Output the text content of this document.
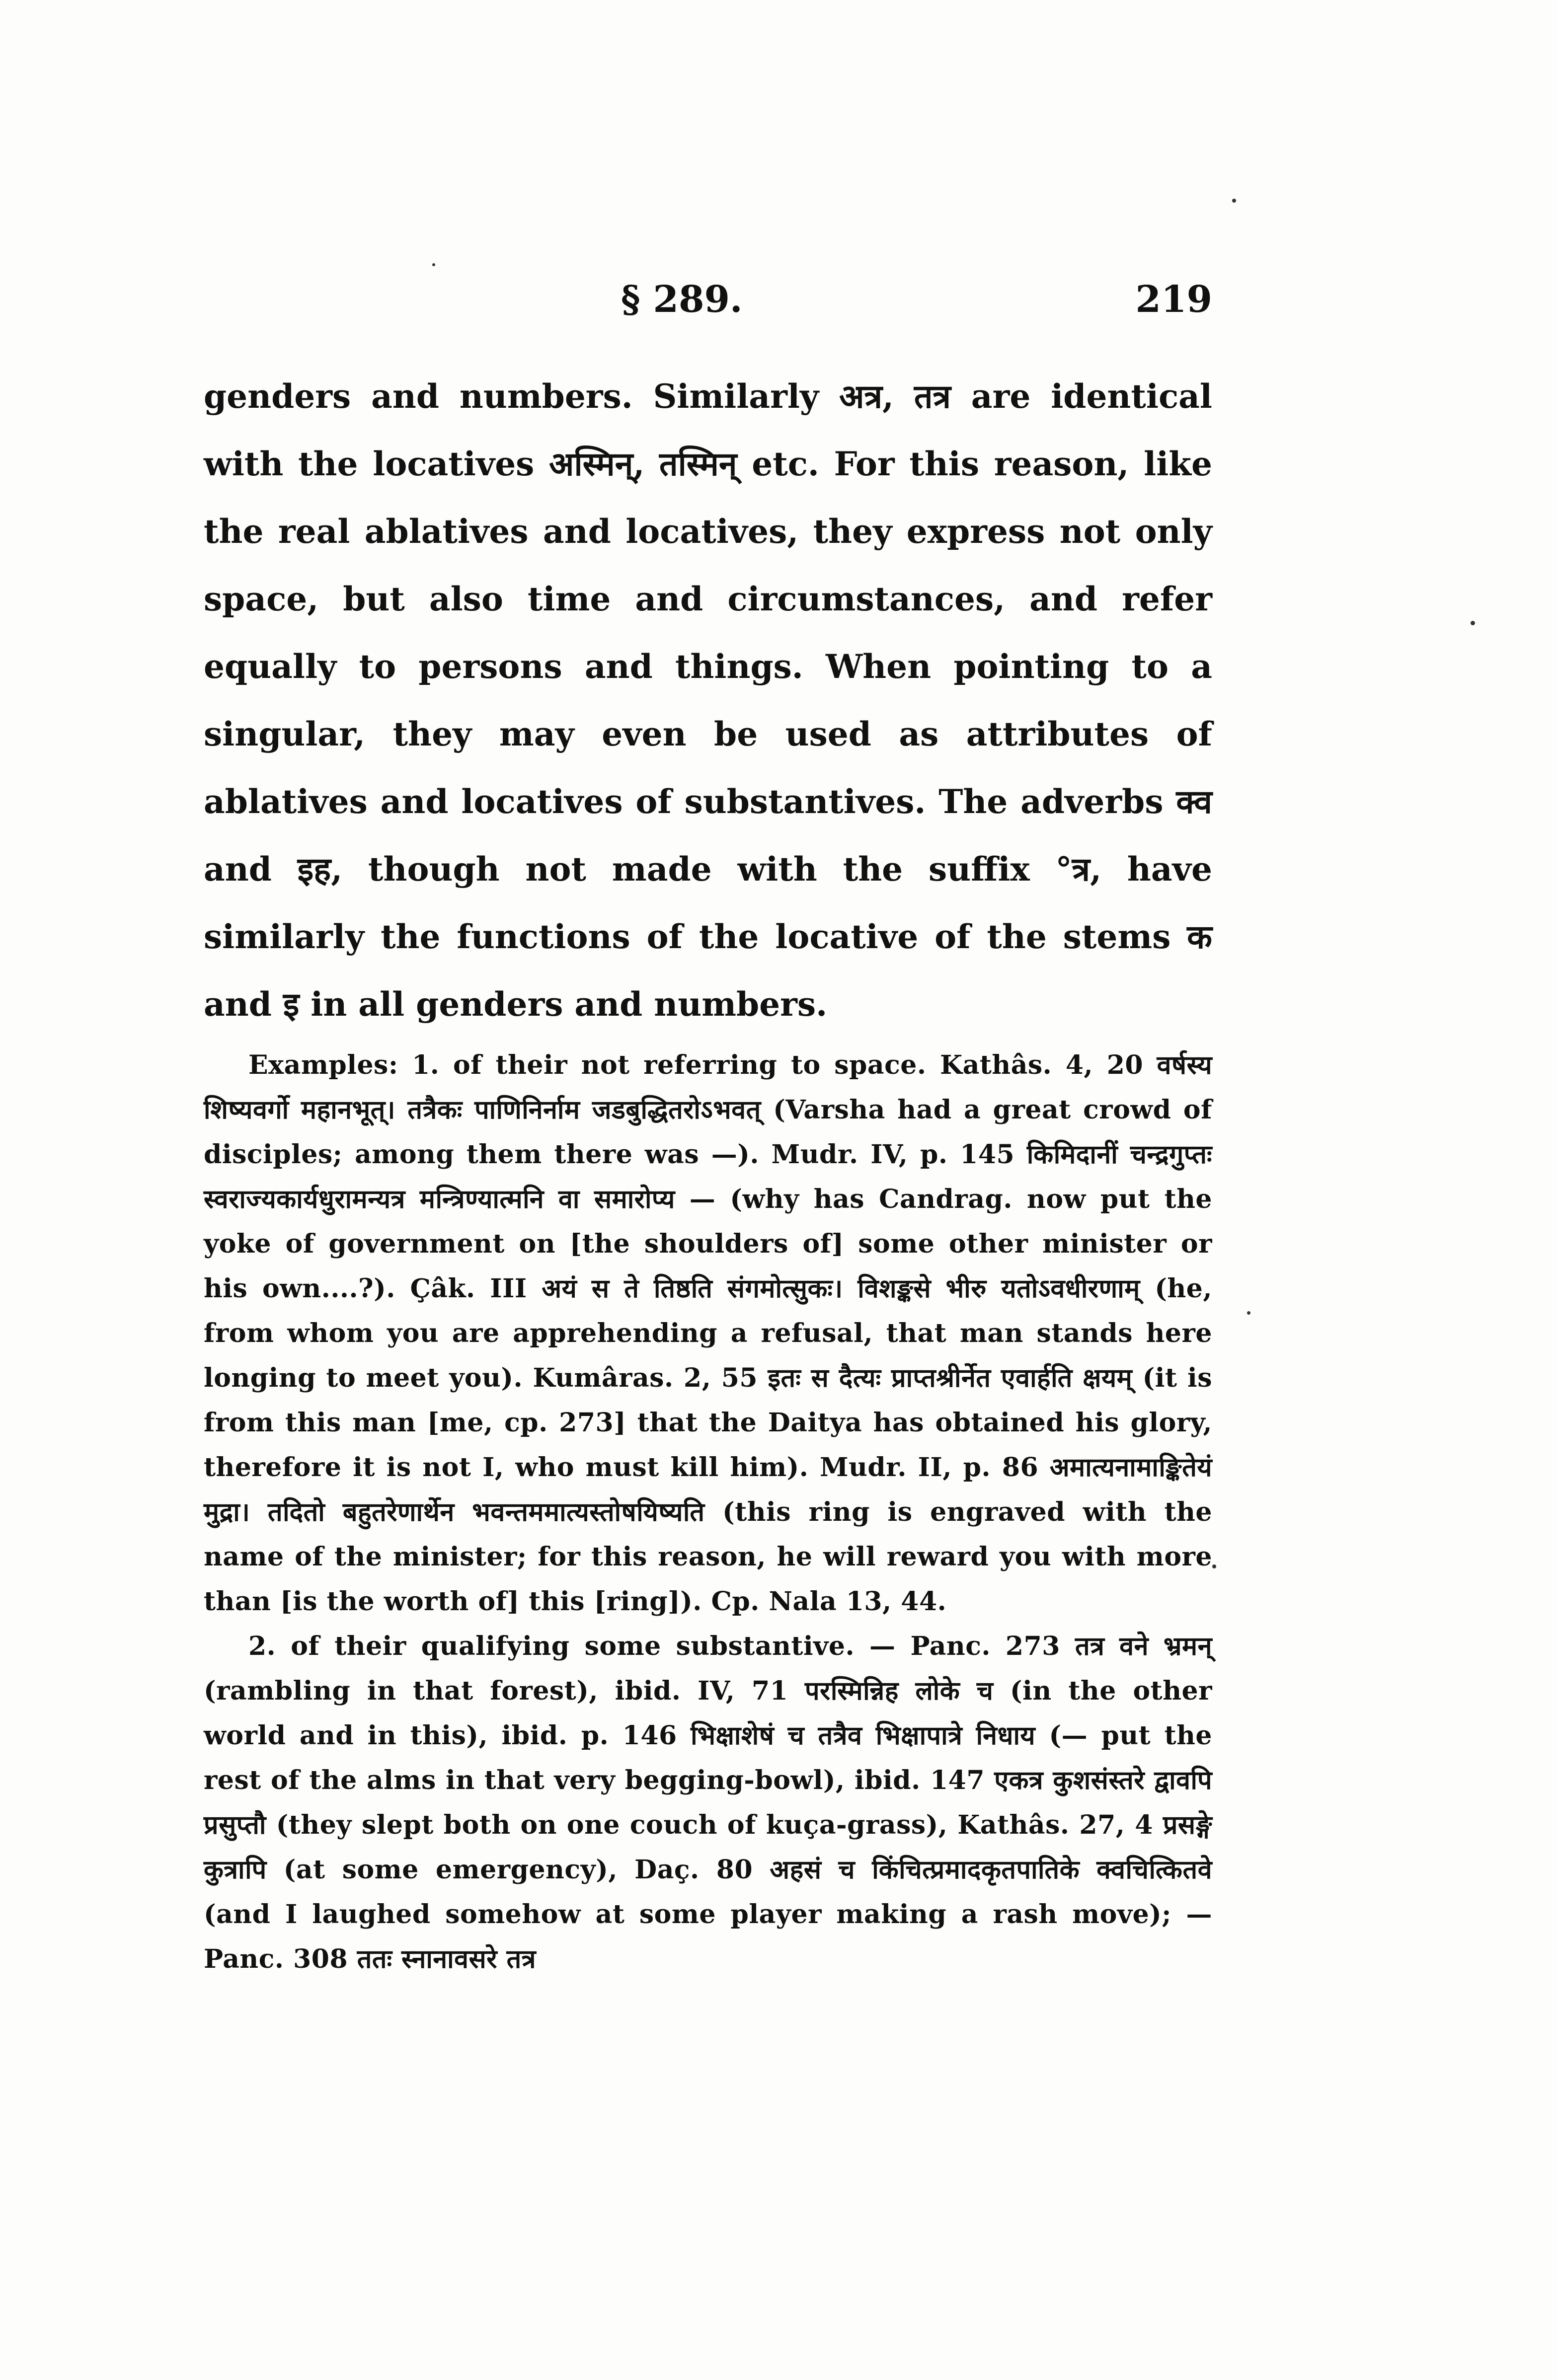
§ 289.	219

genders and numbers. Similarly अत्र, तत्र are identical with the locatives अस्मिन्, तस्मिन् etc. For this reason, like the real ablatives and locatives, they express not only space, but also time and circumstances, and refer equally to persons and things. When pointing to a singular, they may even be used as attributes of ablatives and locatives of substantives. The adverbs क्व and इह, though not made with the suffix °त्र, have similarly the functions of the locative of the stems क and इ in all genders and numbers.

Examples: 1. of their not referring to space. Kathâs. 4, 20 वर्षस्य शिष्यवर्गो महानभूत्। तत्रैकः पाणिनिर्नाम जडबुद्धितरोऽभवत् (Varsha had a great crowd of disciples; among them there was —). Mudr. IV, p. 145 किमिदानीं चन्द्रगुप्तः स्वराज्यकार्यधुरामन्यत्र मन्त्रिण्यात्मनि वा समारोप्य — (why has Candrag. now put the yoke of government on [the shoulders of] some other minister or his own....?). Çâk. III अयं स ते तिष्ठति संगमोत्सुकः। विशङ्कसे भीरु यतोऽवधीरणाम् (he, from whom you are apprehending a refusal, that man stands here longing to meet you). Kumâras. 2, 55 इतः स दैत्यः प्राप्तश्रीर्नेत एवार्हति क्षयम् (it is from this man [me, cp. 273] that the Daitya has obtained his glory, therefore it is not I, who must kill him). Mudr. II, p. 86 अमात्यनामाङ्कितेयं मुद्रा। तदितो बहुतरेणार्थेन भवन्तममात्यस्तोषयिष्यति (this ring is engraved with the name of the minister; for this reason, he will reward you with more than [is the worth of] this [ring]). Cp. Nala 13, 44.

2. of their qualifying some substantive. — Panc. 273 तत्र वने भ्रमन् (rambling in that forest), ibid. IV, 71 परस्मिन्निह लोके च (in the other world and in this), ibid. p. 146 भिक्षाशेषं च तत्रैव भिक्षापात्रे निधाय (— put the rest of the alms in that very begging-bowl), ibid. 147 एकत्र कुशसंस्तरे द्वावपि प्रसुप्तौ (they slept both on one couch of kuça-grass), Kathâs. 27, 4 प्रसङ्गे कुत्रापि (at some emergency), Daç. 80 अहसं च किंचित्प्रमादकृतपातिके क्वचित्कितवे (and I laughed somehow at some player making a rash move); — Panc. 308 ततः स्नानावसरे तत्र
